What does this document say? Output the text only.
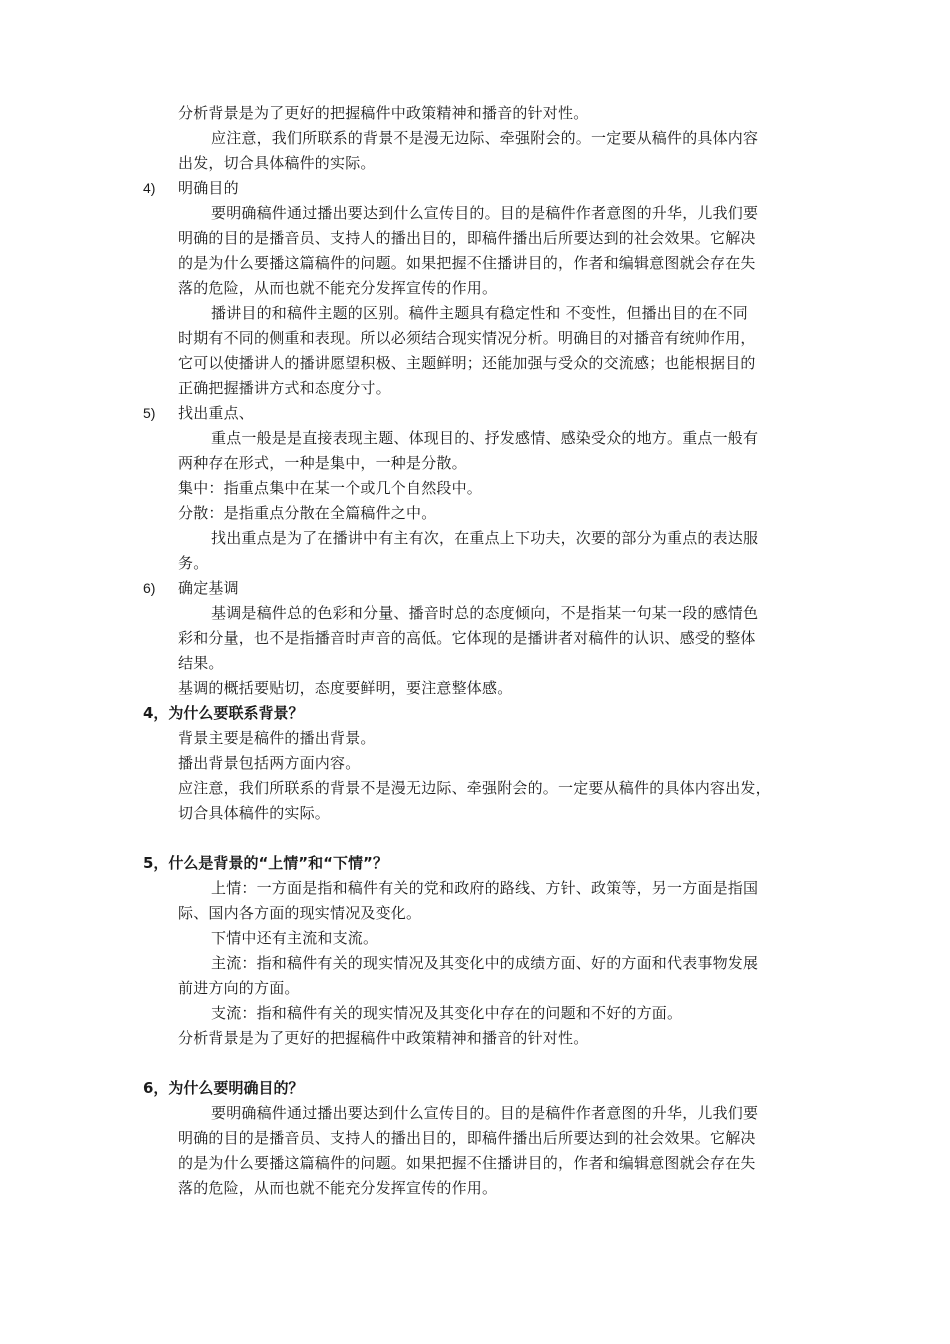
分析背景是为了更好的把握稿件中政策精神和播音的针对性。
应注意，我们所联系的背景不是漫无边际、牵强附会的。一定要从稿件的具体内容
出发，切合具体稿件的实际。
4) 明确目的
要明确稿件通过播出要达到什么宣传目的。目的是稿件作者意图的升华，儿我们要
明确的目的是播音员、支持人的播出目的，即稿件播出后所要达到的社会效果。它解决
的是为什么要播这篇稿件的问题。如果把握不住播讲目的，作者和编辑意图就会存在失
落的危险，从而也就不能充分发挥宣传的作用。
播讲目的和稿件主题的区别。稿件主题具有稳定性和 不变性，但播出目的在不同
时期有不同的侧重和表现。所以必须结合现实情况分析。明确目的对播音有统帅作用，
它可以使播讲人的播讲愿望积极、主题鲜明；还能加强与受众的交流感；也能根据目的
正确把握播讲方式和态度分寸。
5) 找出重点、
重点一般是是直接表现主题、体现目的、抒发感情、感染受众的地方。重点一般有
两种存在形式，一种是集中，一种是分散。
集中：指重点集中在某一个或几个自然段中。
分散：是指重点分散在全篇稿件之中。
找出重点是为了在播讲中有主有次，在重点上下功夫，次要的部分为重点的表达服
务。
6) 确定基调
基调是稿件总的色彩和分量、播音时总的态度倾向，不是指某一句某一段的感情色
彩和分量，也不是指播音时声音的高低。它体现的是播讲者对稿件的认识、感受的整体
结果。
基调的概括要贴切，态度要鲜明，要注意整体感。
4，为什么要联系背景？
背景主要是稿件的播出背景。
播出背景包括两方面内容。
应注意，我们所联系的背景不是漫无边际、牵强附会的。一定要从稿件的具体内容出发，
切合具体稿件的实际。
5，什么是背景的“上情”和“下情”？
上情：一方面是指和稿件有关的党和政府的路线、方针、政策等，另一方面是指国
际、国内各方面的现实情况及变化。
下情中还有主流和支流。
主流：指和稿件有关的现实情况及其变化中的成绩方面、好的方面和代表事物发展
前进方向的方面。
支流：指和稿件有关的现实情况及其变化中存在的问题和不好的方面。
分析背景是为了更好的把握稿件中政策精神和播音的针对性。
6，为什么要明确目的？
要明确稿件通过播出要达到什么宣传目的。目的是稿件作者意图的升华，儿我们要
明确的目的是播音员、支持人的播出目的，即稿件播出后所要达到的社会效果。它解决
的是为什么要播这篇稿件的问题。如果把握不住播讲目的，作者和编辑意图就会存在失
落的危险，从而也就不能充分发挥宣传的作用。
